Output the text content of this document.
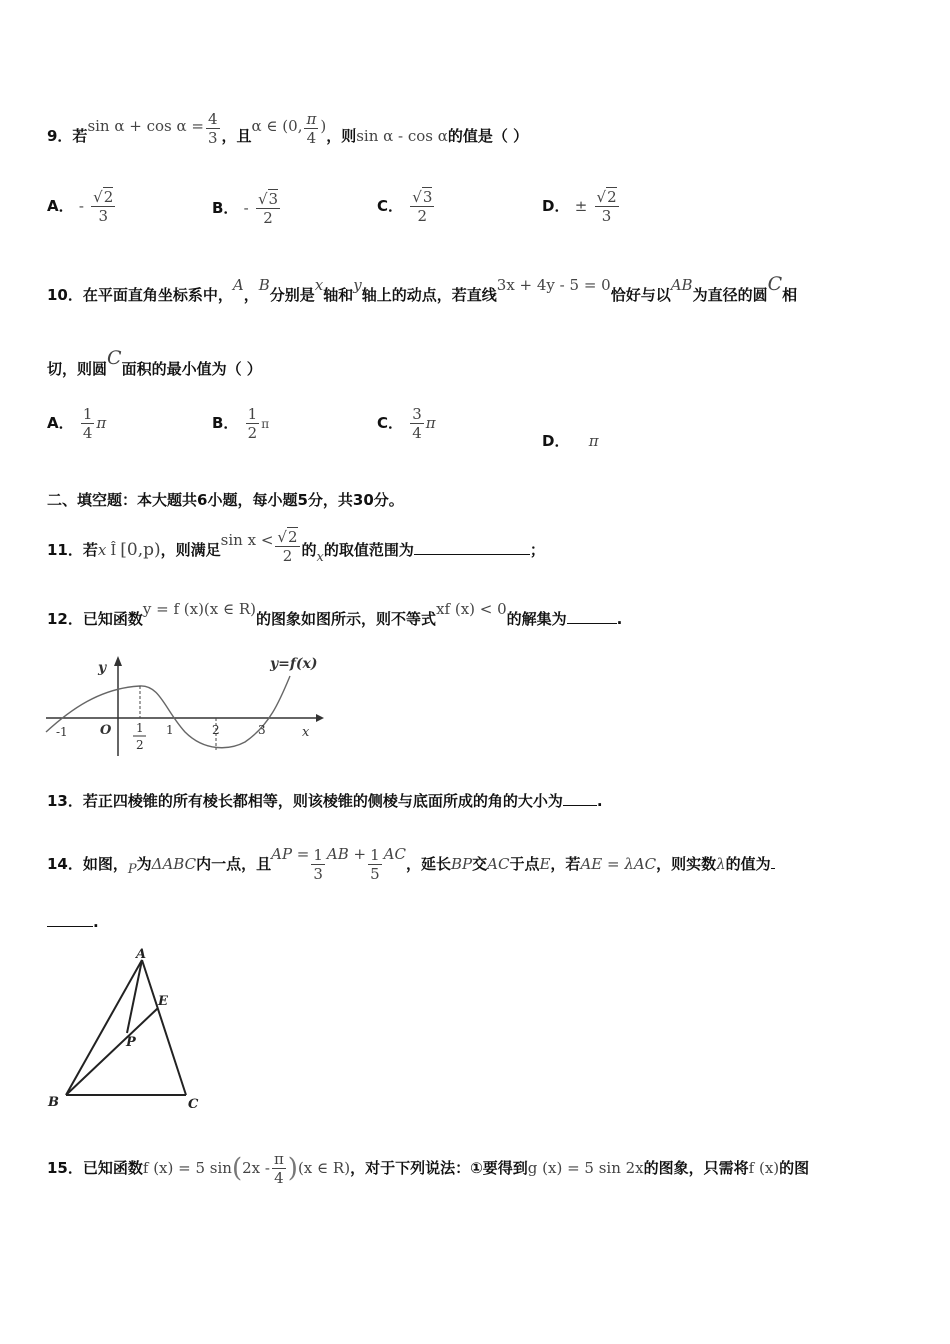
9．若$\sin \alpha + \cos \alpha = \frac{4}{3}$ ，且α ∈ (0, $\frac{\pi}{4}$ )，则sin α - cos α的值是（ ）
A． - $\frac{√2}{3}$	B． - $\frac{√3}{2}$	C． $\frac{√3}{2}$	D． ± $\frac{√2}{3}$
10．在平面直角坐标系中，A，B分别是x轴和y轴上的动点，若直线3x + 4y - 5 = 0恰好与以AB为直径的圆C相
切，则圆C面积的最小值为（ ）
A． $\frac{1}{4}$ π	B． $\frac{1}{2}$ π	C． $\frac{3}{4}$ π
D． π
二、填空题：本大题共6小题，每小题5分，共30分。
11．若x Î [0,p)，则满足$\sin x < \frac{√2}{2}$ 的x的取值范围为	；
12．已知函数y = f (x)(x ∈ R)的图象如图所示，则不等式xf (x) < 0的解集为	.
y=f(x)
y
x
O
-1	1	2	3
1
2
13．若正四棱锥的所有棱长都相等，则该棱锥的侧棱与底面所成的角的大小为 .
14．如图，P为ΔABC内一点，且AP = $\frac{1}{3}$ AB + $\frac{1}{5}$ AC，延长BP交AC于点E，若AE = λAC，则实数λ的值为
.
A
B	C
P
E
15．已知函数f (x) = 5 $\sin(2x - \frac{\pi}{4} )(x$ ∈ R)，对于下列说法：①要得到g (x) = 5 sin 2x的图象，只需将f (x)的图
